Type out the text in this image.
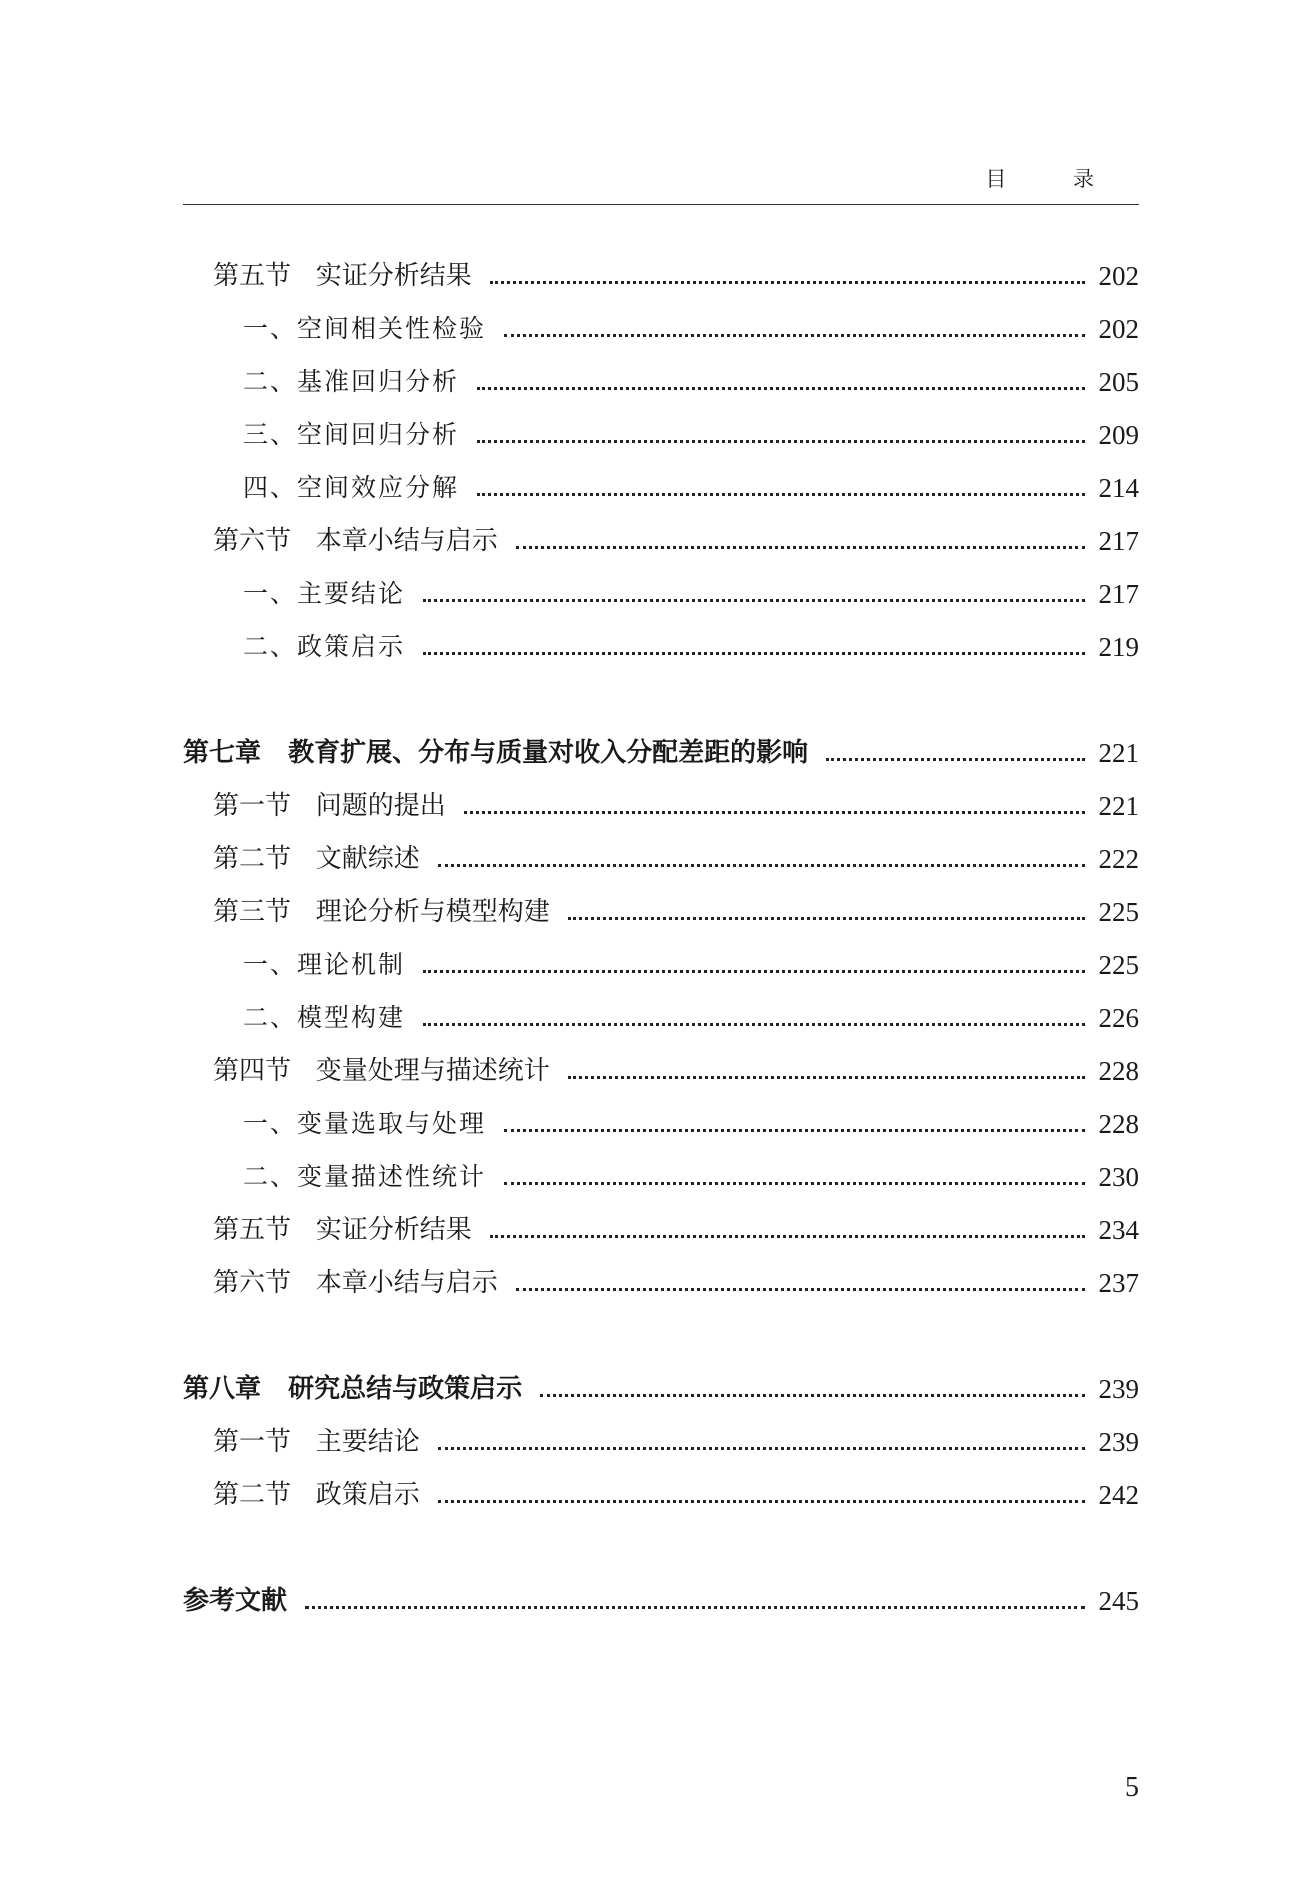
目 录
第五节   实证分析结果	202
一、空间相关性检验	202
二、基准回归分析	205
三、空间回归分析	209
四、空间效应分解	214
第六节   本章小结与启示	217
一、主要结论	217
二、政策启示	219
第七章   教育扩展、分布与质量对收入分配差距的影响	221
第一节   问题的提出	221
第二节   文献综述	222
第三节   理论分析与模型构建	225
一、理论机制	225
二、模型构建	226
第四节   变量处理与描述统计	228
一、变量选取与处理	228
二、变量描述性统计	230
第五节   实证分析结果	234
第六节   本章小结与启示	237
第八章   研究总结与政策启示	239
第一节   主要结论	239
第二节   政策启示	242
参考文献	245
5
